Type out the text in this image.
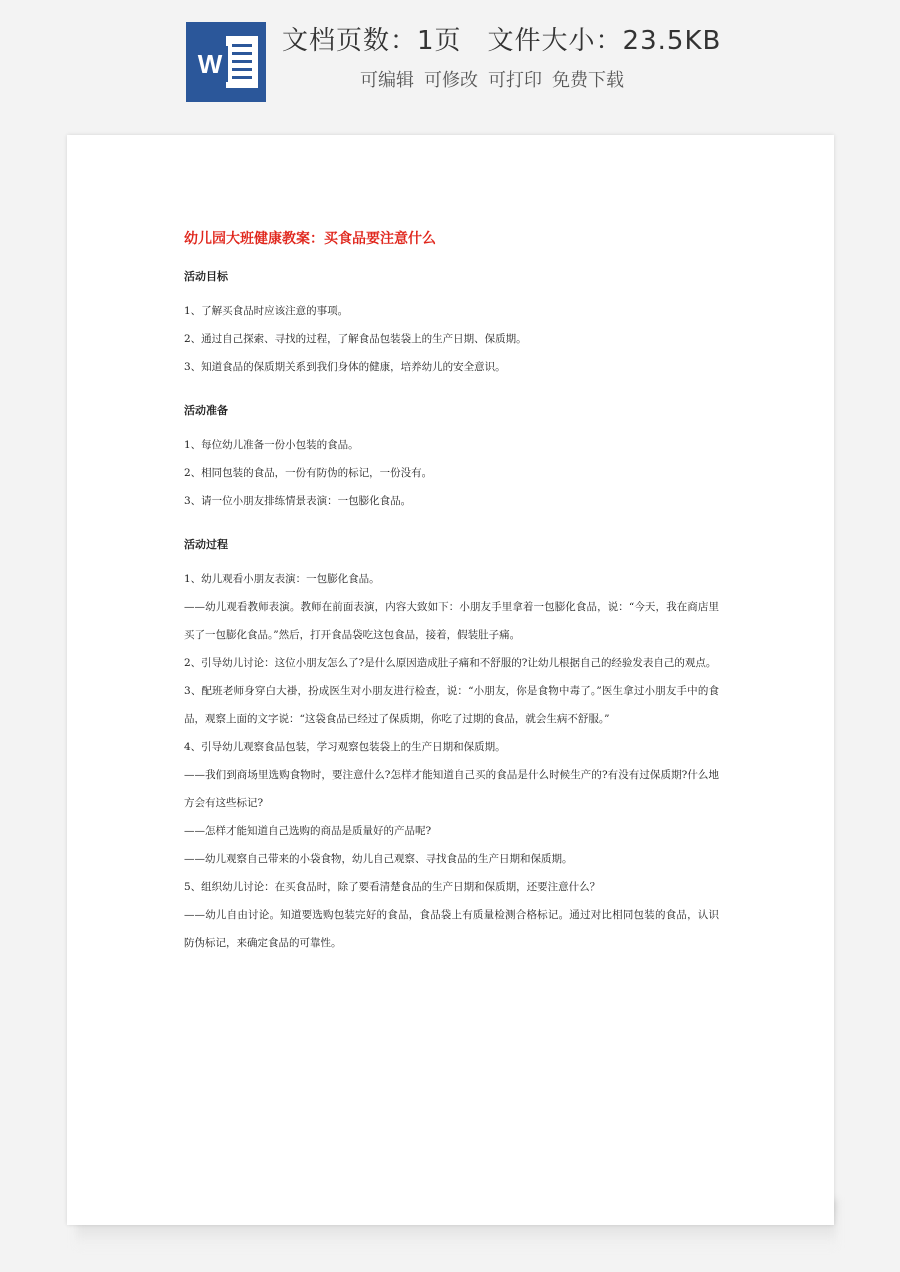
W
文档页数：1页 文件大小：23.5KB
可编辑 可修改 可打印 免费下载
幼儿园大班健康教案：买食品要注意什么
活动目标

1、了解买食品时应该注意的事项。

2、通过自己探索、寻找的过程，了解食品包装袋上的生产日期、保质期。

3、知道食品的保质期关系到我们身体的健康，培养幼儿的安全意识。

活动准备

1、每位幼儿准备一份小包装的食品。

2、相同包装的食品，一份有防伪的标记，一份没有。

3、请一位小朋友排练情景表演：一包膨化食品。

活动过程

1、幼儿观看小朋友表演：一包膨化食品。

——幼儿观看教师表演。教师在前面表演，内容大致如下：小朋友手里拿着一包膨化食品，说：“今天，我在商店里买了一包膨化食品。”然后，打开食品袋吃这包食品，接着，假装肚子痛。

2、引导幼儿讨论：这位小朋友怎么了?是什么原因造成肚子痛和不舒服的?让幼儿根据自己的经验发表自己的观点。

3、配班老师身穿白大褂，扮成医生对小朋友进行检查，说：“小朋友，你是食物中毒了。”医生拿过小朋友手中的食品，观察上面的文字说：“这袋食品已经过了保质期，你吃了过期的食品，就会生病不舒服。”

4、引导幼儿观察食品包装，学习观察包装袋上的生产日期和保质期。

——我们到商场里选购食物时，要注意什么?怎样才能知道自己买的食品是什么时候生产的?有没有过保质期?什么地方会有这些标记?

——怎样才能知道自己选购的商品是质量好的产品呢?

——幼儿观察自己带来的小袋食物，幼儿自己观察、寻找食品的生产日期和保质期。

5、组织幼儿讨论：在买食品时，除了要看清楚食品的生产日期和保质期，还要注意什么？

——幼儿自由讨论。知道要选购包装完好的食品，食品袋上有质量检测合格标记。通过对比相同包装的食品，认识防伪标记，来确定食品的可靠性。
